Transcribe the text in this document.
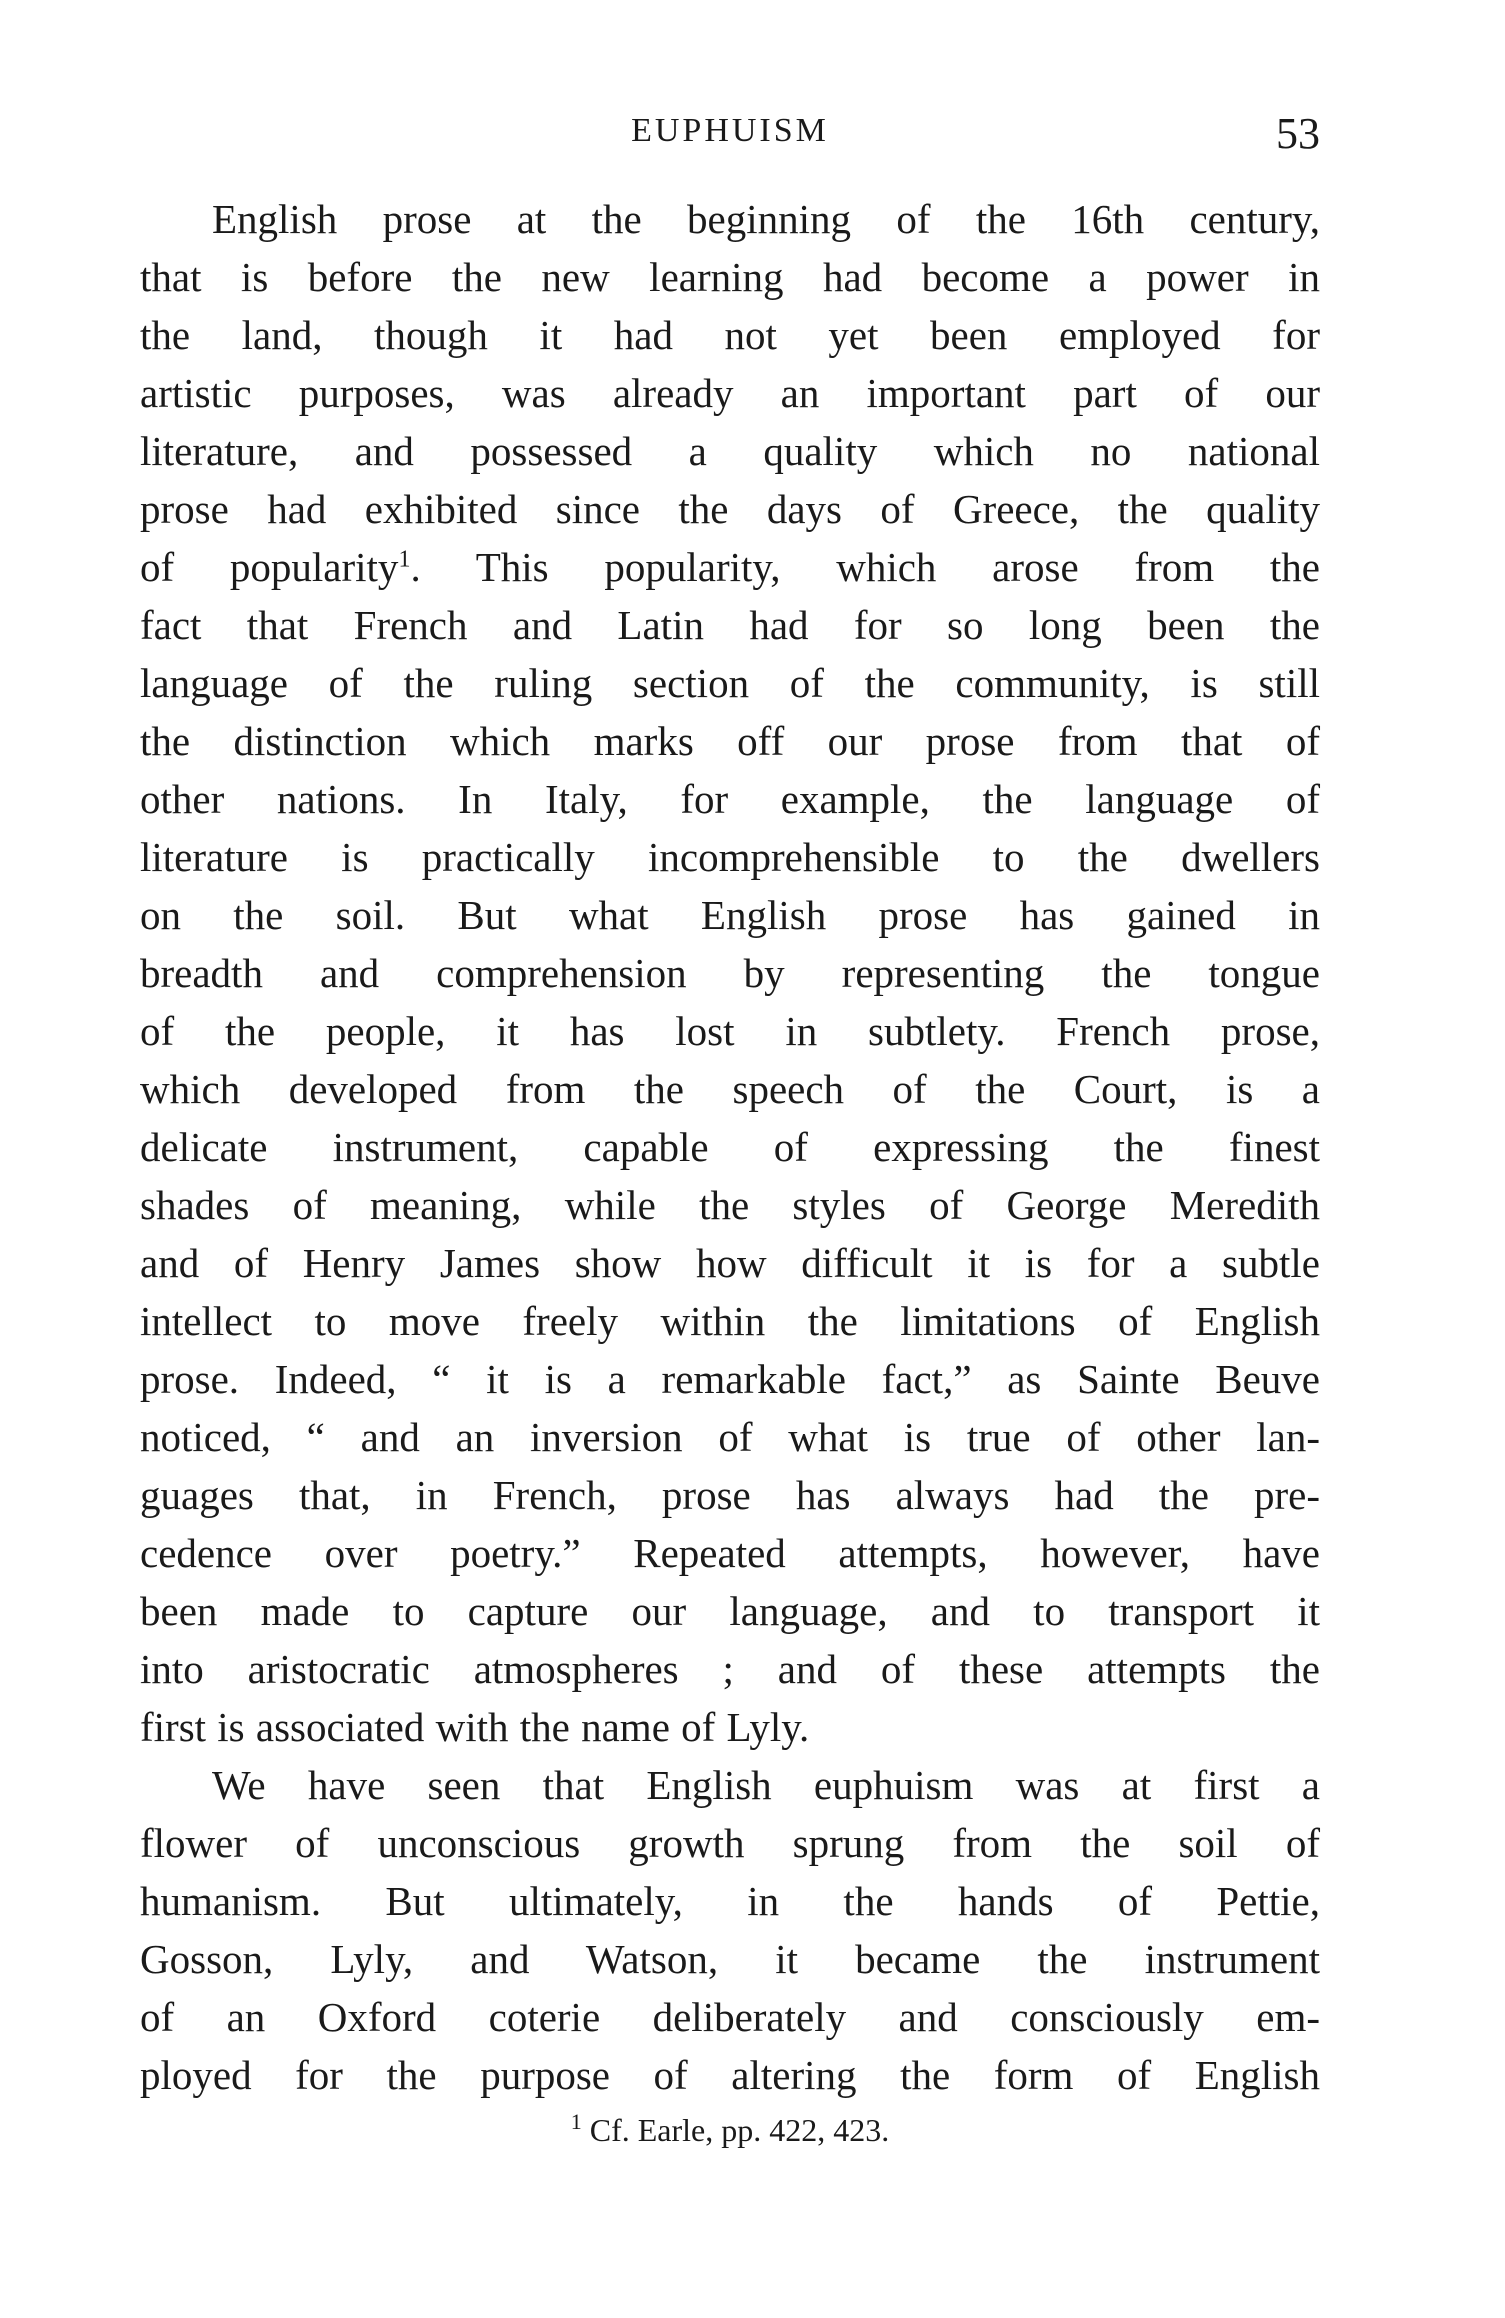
EUPHUISM	53

English prose at the beginning of the 16th century,
that is before the new learning had become a power in
the land, though it had not yet been employed for
artistic purposes, was already an important part of our
literature, and possessed a quality which no national
prose had exhibited since the days of Greece, the quality
of popularity$^1$. This popularity, which arose from the
fact that French and Latin had for so long been the
language of the ruling section of the community, is still
the distinction which marks off our prose from that of
other nations. In Italy, for example, the language of
literature is practically incomprehensible to the dwellers
on the soil. But what English prose has gained in
breadth and comprehension by representing the tongue
of the people, it has lost in subtlety. French prose,
which developed from the speech of the Court, is a
delicate instrument, capable of expressing the finest
shades of meaning, while the styles of George Meredith
and of Henry James show how difficult it is for a subtle
intellect to move freely within the limitations of English
prose. Indeed, “ it is a remarkable fact,” as Sainte Beuve
noticed, “ and an inversion of what is true of other lan-
guages that, in French, prose has always had the pre-
cedence over poetry.” Repeated attempts, however, have
been made to capture our language, and to transport it
into aristocratic atmospheres ; and of these attempts the
first is associated with the name of Lyly.

We have seen that English euphuism was at first a
flower of unconscious growth sprung from the soil of
humanism. But ultimately, in the hands of Pettie,
Gosson, Lyly, and Watson, it became the instrument
of an Oxford coterie deliberately and consciously em-
ployed for the purpose of altering the form of English

$^1$ Cf. Earle, pp. 422, 423.
